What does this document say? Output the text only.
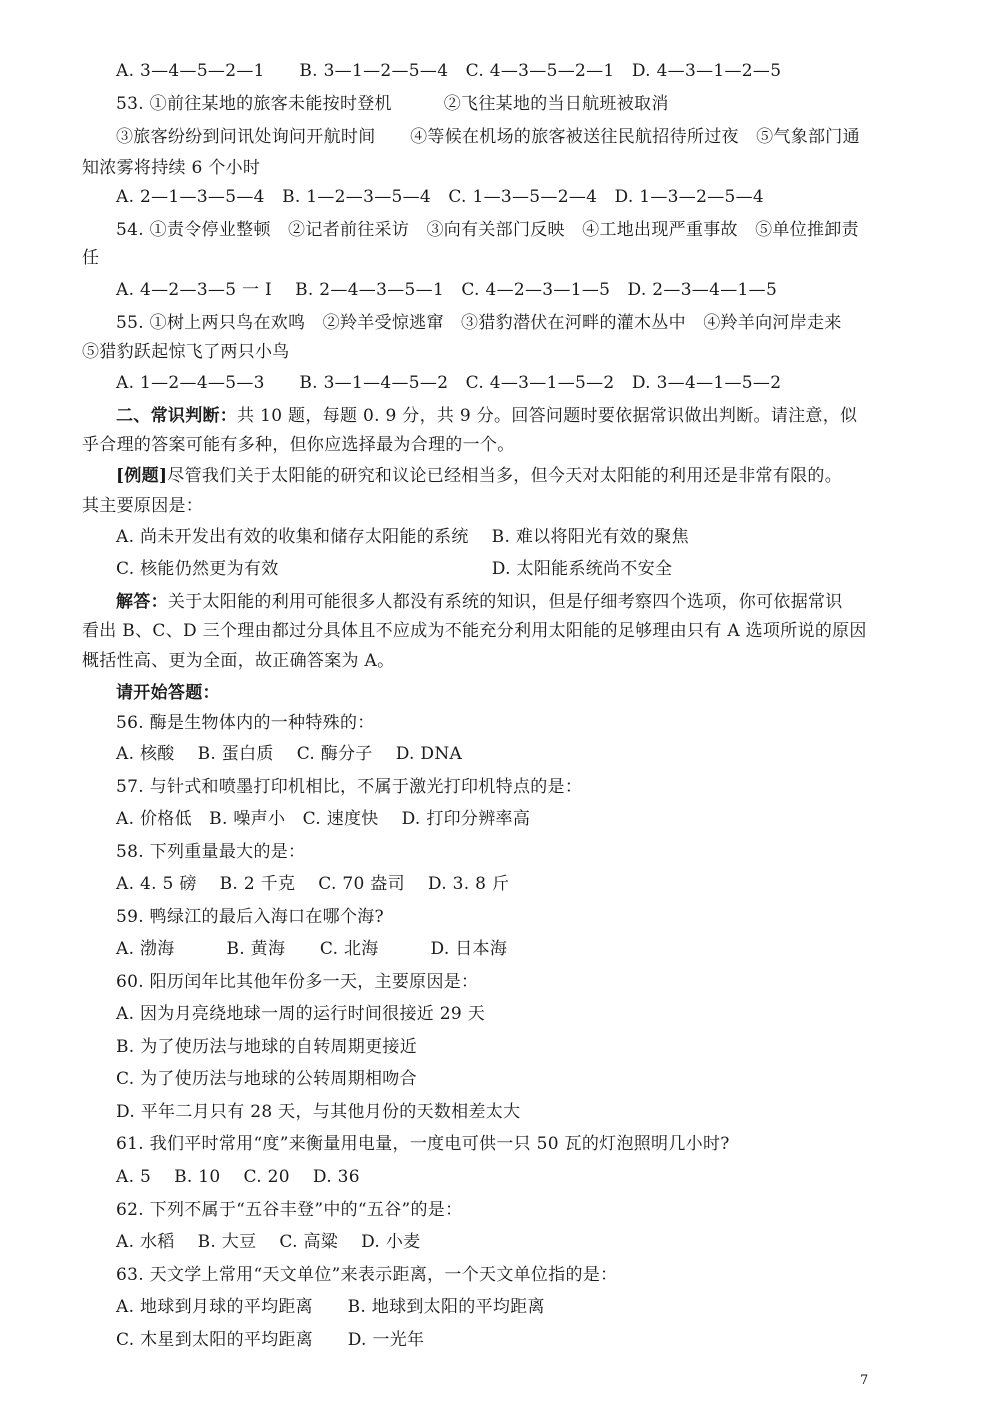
A. 3—4—5—2—1　　B. 3—1—2—5—4　C. 4—3—5—2—1　D. 4—3—1—2—5
53. ①前往某地的旅客未能按时登机　　　②飞往某地的当日航班被取消
③旅客纷纷到问讯处询问开航时间　　④等候在机场的旅客被送往民航招待所过夜　⑤气象部门通
知浓雾将持续 6 个小时
A. 2—1—3—5—4　B. 1—2—3—5—4　C. 1—3—5—2—4　D. 1—3—2—5—4
54. ①责令停业整顿　②记者前往采访　③向有关部门反映　④工地出现严重事故　⑤单位推卸责
任
A. 4—2—3—5 一 I　 B. 2—4—3—5—1　C. 4—2—3—1—5　D. 2—3—4—1—5
55. ①树上两只鸟在欢鸣　②羚羊受惊逃窜　③猎豹潜伏在河畔的灌木丛中　④羚羊向河岸走来
⑤猎豹跃起惊飞了两只小鸟
A. 1—2—4—5—3　　B. 3—1—4—5—2　C. 4—3—1—5—2　D. 3—4—1—5—2
二、常识判断：共 10 题，每题 0. 9 分，共 9 分。回答问题时要依据常识做出判断。请注意，似
乎合理的答案可能有多种，但你应选择最为合理的一个。
[例题]尽管我们关于太阳能的研究和议论已经相当多，但今天对太阳能的利用还是非常有限的。
其主要原因是：
A. 尚未开发出有效的收集和储存太阳能的系统　 B. 难以将阳光有效的聚焦
C. 核能仍然更为有效　　　　　　　　　　　　 D. 太阳能系统尚不安全
解答：关于太阳能的利用可能很多人都没有系统的知识，但是仔细考察四个选项，你可依据常识
看出 B、C、D 三个理由都过分具体且不应成为不能充分利用太阳能的足够理由只有 A 选项所说的原因
概括性高、更为全面，故正确答案为 A。
请开始答题：
56. 酶是生物体内的一种特殊的：
A. 核酸　 B. 蛋白质　 C. 酶分子　 D. DNA
57. 与针式和喷墨打印机相比，不属于激光打印机特点的是：
A. 价格低　B. 噪声小　C. 速度快　 D. 打印分辨率高
58. 下列重量最大的是：
A. 4. 5 磅　 B. 2 千克　 C. 70 盎司　 D. 3. 8 斤
59. 鸭绿江的最后入海口在哪个海?
A. 渤海　　　B. 黄海　　C. 北海　　　D. 日本海
60. 阳历闰年比其他年份多一天，主要原因是：
A. 因为月亮绕地球一周的运行时间很接近 29 天
B. 为了使历法与地球的自转周期更接近
C. 为了使历法与地球的公转周期相吻合
D. 平年二月只有 28 天，与其他月份的天数相差太大
61. 我们平时常用“度”来衡量用电量，一度电可供一只 50 瓦的灯泡照明几小时?
A. 5　 B. 10　 C. 20　 D. 36
62. 下列不属于“五谷丰登”中的“五谷”的是：
A. 水稻　 B. 大豆　 C. 高粱　 D. 小麦
63. 天文学上常用“天文单位”来表示距离，一个天文单位指的是：
A. 地球到月球的平均距离　　B. 地球到太阳的平均距离
C. 木星到太阳的平均距离　　D. 一光年
7
